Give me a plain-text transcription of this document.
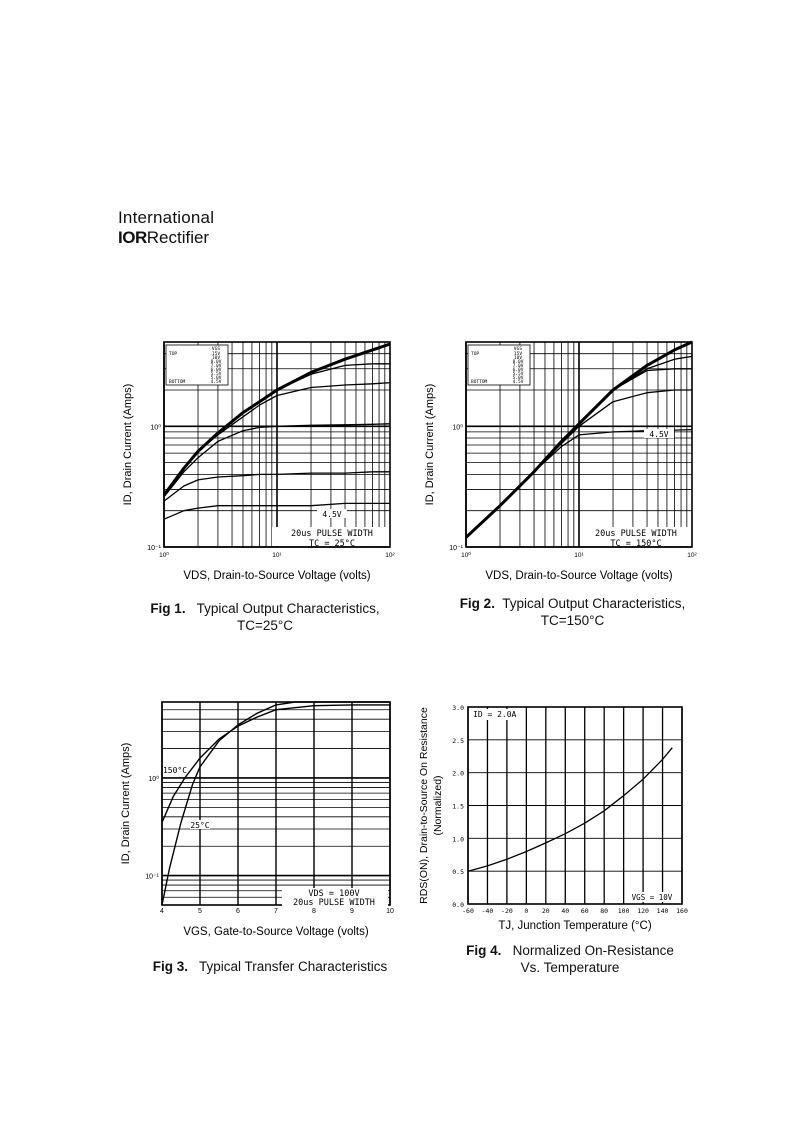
International
IORRectifier
VGS
TOP
BOTTOM
15V
10V
8.0V
7.0V
6.0V
5.5V
5.0V
4.5V
4.5V
20us PULSE WIDTH
TC = 25°C
10⁰	10¹	10²
10⁻¹
10⁰
VDS, Drain-to-Source Voltage (volts)
ID, Drain Current (Amps)
Fig 1. Typical Output Characteristics,
TC=25°C
VGS
TOP
BOTTOM
15V
10V
8.0V
7.0V
6.0V
5.5V
5.0V
4.5V
4.5V
20us PULSE WIDTH
TC = 150°C
10⁰	10¹	10²
10⁻¹
10⁰
VDS, Drain-to-Source Voltage (volts)
ID, Drain Current (Amps)
Fig 2. Typical Output Characteristics,
TC=150°C
150°C
25°C
VDS = 100V
20us PULSE WIDTH
4	5	6	7	8	9	10
10⁻¹
10⁰
VGS, Gate-to-Source Voltage (volts)
ID, Drain Current (Amps)
Fig 3. Typical Transfer Characteristics
ID = 2.0A
VGS = 10V
-60 -40 -20 0 20 40 60 80 100 120 140 160
0.0
0.5
1.0
1.5
2.0
2.5
3.0
TJ, Junction Temperature (°C)
RDS(ON), Drain-to-Source On Resistance (Normalized)
Fig 4. Normalized On-Resistance
Vs. Temperature
